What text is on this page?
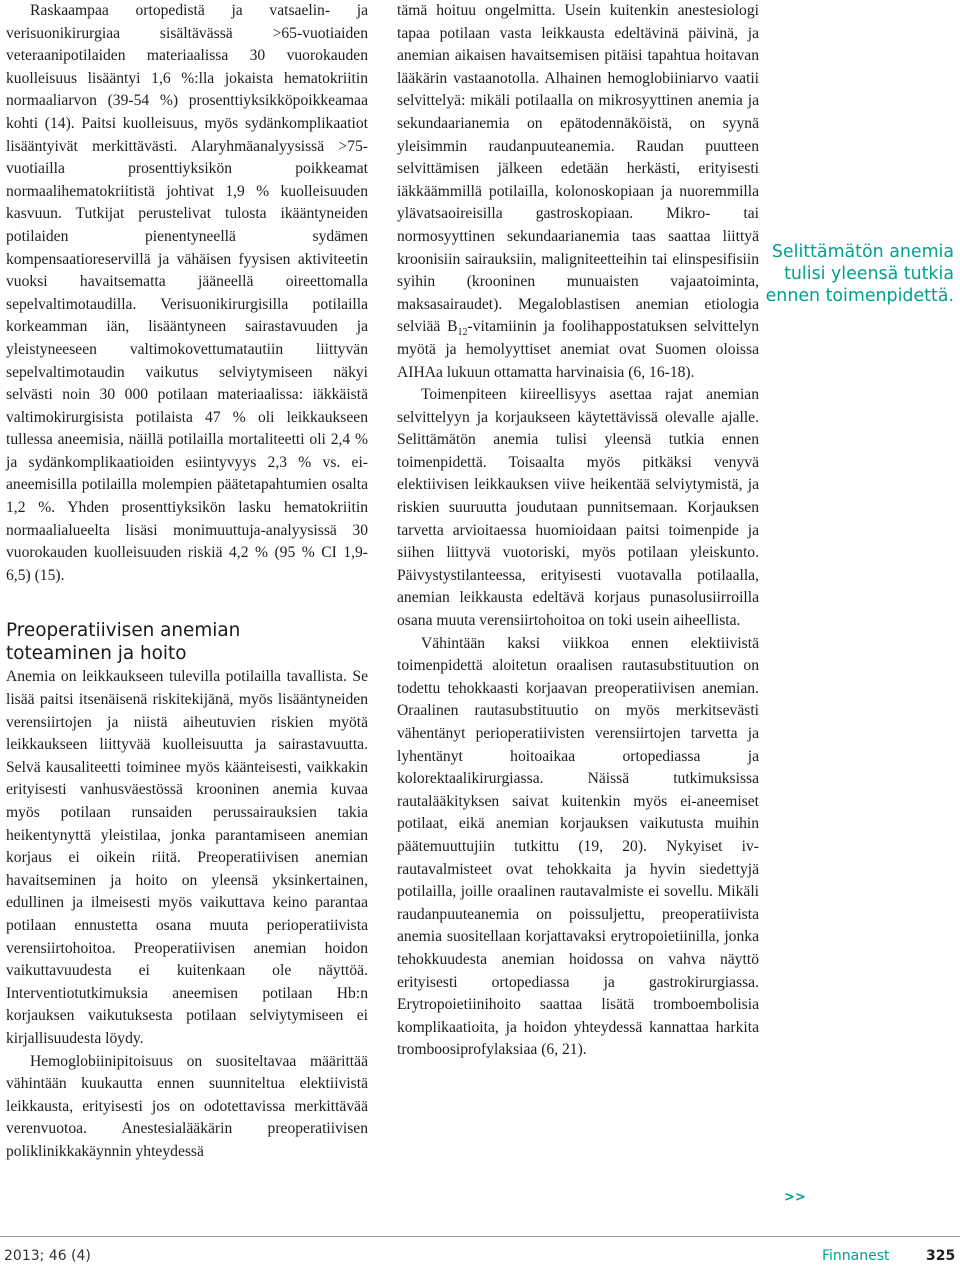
Raskaampaa ortopedistä ja vatsaelin- ja verisuonikirurgiaa sisältävässä >65-vuotiaiden veteraanipotilaiden materiaalissa 30 vuorokauden kuolleisuus lisääntyi 1,6 %:lla jokaista hematokriitin normaaliarvon (39-54 %) prosenttiyksikköpoikkeamaa kohti (14). Paitsi kuolleisuus, myös sydänkomplikaatiot lisääntyivät merkittävästi. Alaryhmäanalyysissä >75-vuotiailla prosenttiyksikön poikkeamat normaalihematokriitistä johtivat 1,9 % kuolleisuuden kasvuun. Tutkijat perustelivat tulosta ikääntyneiden potilaiden pienentyneellä sydämen kompensaatioreservillä ja vähäisen fyysisen aktiviteetin vuoksi havaitsematta jääneellä oireettomalla sepelvaltimotaudilla. Verisuonikirurgisilla potilailla korkeamman iän, lisääntyneen sairastavuuden ja yleistyneeseen valtimokovettumatautiin liittyvän sepelvaltimotaudin vaikutus selviytymiseen näkyi selvästi noin 30 000 potilaan materiaalissa: iäkkäistä valtimokirurgisista potilaista 47 % oli leikkaukseen tullessa aneemisia, näillä potilailla mortaliteetti oli 2,4 % ja sydänkomplikaatioiden esiintyvyys 2,3 % vs. ei-aneemisilla potilailla molempien päätetapahtumien osalta 1,2 %. Yhden prosenttiyksikön lasku hematokriitin normaalialueelta lisäsi monimuuttuja-analyysissä 30 vuorokauden kuolleisuuden riskiä 4,2 % (95 % CI 1,9-6,5) (15).

Preoperatiivisen anemian
toteaminen ja hoito

Anemia on leikkaukseen tulevilla potilailla tavallista. Se lisää paitsi itsenäisenä riskitekijänä, myös lisääntyneiden verensiirtojen ja niistä aiheutuvien riskien myötä leikkaukseen liittyvää kuolleisuutta ja sairastavuutta. Selvä kausaliteetti toiminee myös käänteisesti, vaikkakin erityisesti vanhusväestössä krooninen anemia kuvaa myös potilaan runsaiden perussairauksien takia heikentynyttä yleistilaa, jonka parantamiseen anemian korjaus ei oikein riitä. Preoperatiivisen anemian havaitseminen ja hoito on yleensä yksinkertainen, edullinen ja ilmeisesti myös vaikuttava keino parantaa potilaan ennustetta osana muuta perioperatiivista verensiirtohoitoa. Preoperatiivisen anemian hoidon vaikuttavuudesta ei kuitenkaan ole näyttöä. Interventiotutkimuksia aneemisen potilaan Hb:n korjauksen vaikutuksesta potilaan selviytymiseen ei kirjallisuudesta löydy.

Hemoglobiinipitoisuus on suositeltavaa määrittää vähintään kuukautta ennen suunniteltua elektiivistä leikkausta, erityisesti jos on odotettavissa merkittävää verenvuotoa. Anestesialääkärin preoperatiivisen poliklinikkakäynnin yhteydessä

tämä hoituu ongelmitta. Usein kuitenkin anestesiologi tapaa potilaan vasta leikkausta edeltävinä päivinä, ja anemian aikaisen havaitsemisen pitäisi tapahtua hoitavan lääkärin vastaanotolla. Alhainen hemoglobiiniarvo vaatii selvittelyä: mikäli potilaalla on mikrosyyttinen anemia ja sekundaarianemia on epätodennäköistä, on syynä yleisimmin raudanpuuteanemia. Raudan puutteen selvittämisen jälkeen edetään herkästi, erityisesti iäkkäämmillä potilailla, kolonoskopiaan ja nuoremmilla ylävatsaoireisilla gastroskopiaan. Mikro- tai normosyyttinen sekundaarianemia taas saattaa liittyä kroonisiin sairauksiin, maligniteetteihin tai elinspesifisiin syihin (krooninen munuaisten vajaatoiminta, maksasairaudet). Megaloblastisen anemian etiologia selviää $B_{12}$-vitamiinin ja foolihappostatuksen selvittelyn myötä ja hemolyyttiset anemiat ovat Suomen oloissa AIHAa lukuun ottamatta harvinaisia (6, 16-18).

Toimenpiteen kiireellisyys asettaa rajat anemian selvittelyyn ja korjaukseen käytettävissä olevalle ajalle. Selittämätön anemia tulisi yleensä tutkia ennen toimenpidettä. Toisaalta myös pitkäksi venyvä elektiivisen leikkauksen viive heikentää selviytymistä, ja riskien suuruutta joudutaan punnitsemaan. Korjauksen tarvetta arvioitaessa huomioidaan paitsi toimenpide ja siihen liittyvä vuotoriski, myös potilaan yleiskunto. Päivystystilanteessa, erityisesti vuotavalla potilaalla, anemian leikkausta edeltävä korjaus punasolusiirroilla osana muuta verensiirtohoitoa on toki usein aiheellista.

Vähintään kaksi viikkoa ennen elektiivistä toimenpidettä aloitetun oraalisen rautasubstituution on todettu tehokkaasti korjaavan preoperatiivisen anemian. Oraalinen rautasubstituutio on myös merkitsevästi vähentänyt perioperatiivisten verensiirtojen tarvetta ja lyhentänyt hoitoaikaa ortopediassa ja kolorektaalikirurgiassa. Näissä tutkimuksissa rautalääkityksen saivat kuitenkin myös ei-aneemiset potilaat, eikä anemian korjauksen vaikutusta muihin päätemuuttujiin tutkittu (19, 20). Nykyiset iv-rautavalmisteet ovat tehokkaita ja hyvin siedettyjä potilailla, joille oraalinen rautavalmiste ei sovellu. Mikäli raudanpuuteanemia on poissuljettu, preoperatiivista anemia suositellaan korjattavaksi erytropoietiinilla, jonka tehokkuudesta anemian hoidossa on vahva näyttö erityisesti ortopediassa ja gastrokirurgiassa. Erytropoietiinihoito saattaa lisätä tromboembolisia komplikaatioita, ja hoidon yhteydessä kannattaa harkita tromboosiprofylaksiaa (6, 21).

Selittämätön anemia tulisi yleensä tutkia ennen toimenpidettä.
>>
2013; 46 (4)	Finnanest	325
